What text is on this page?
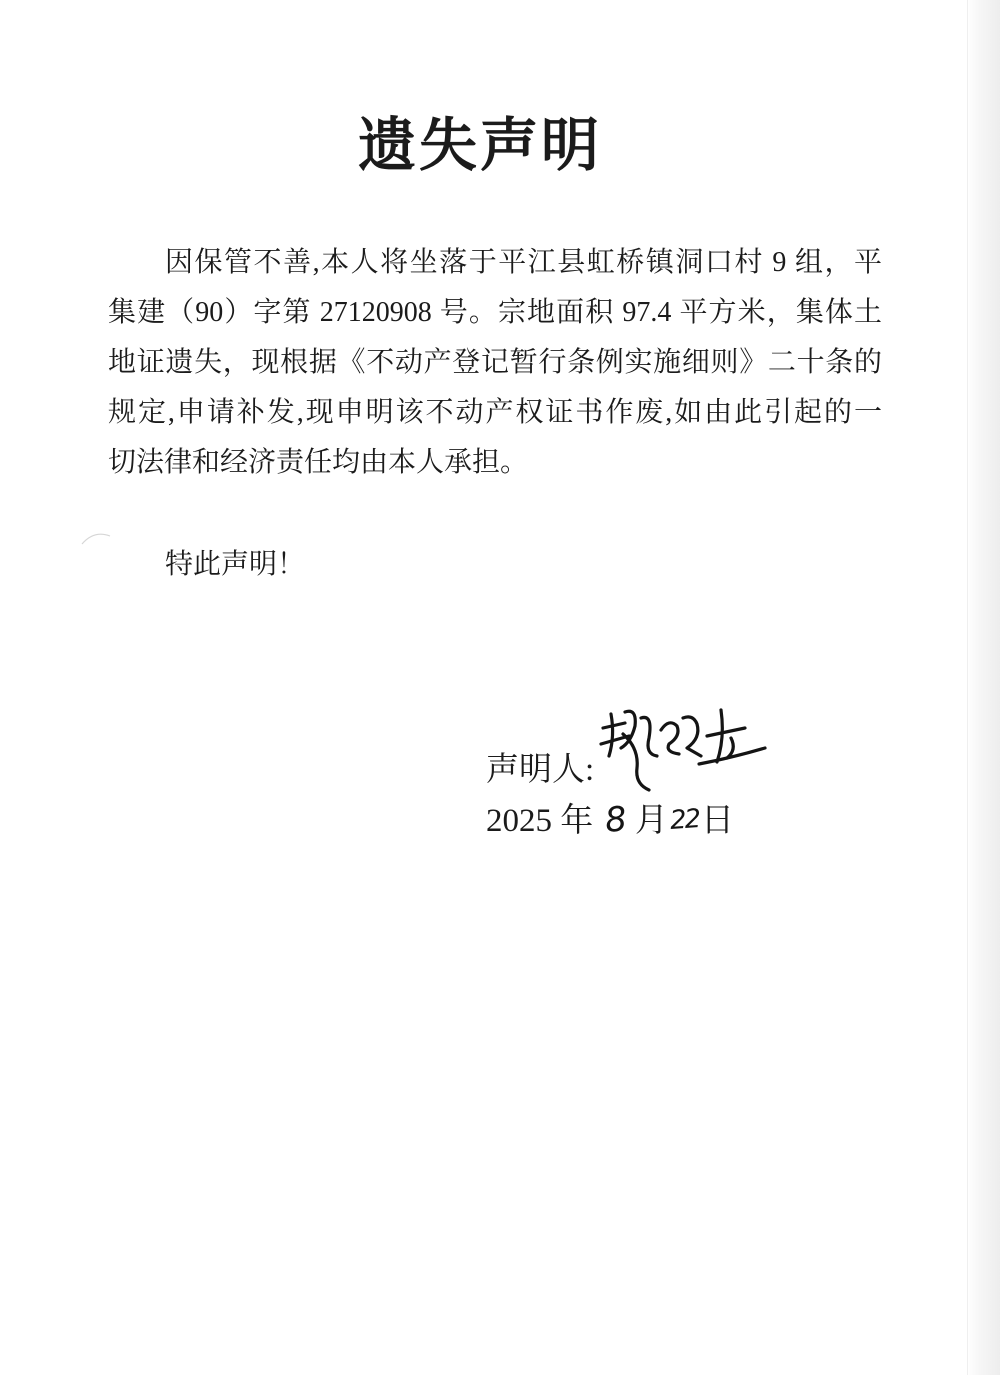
遗失声明
因保管不善,本人将坐落于平江县虹桥镇洞口村 9 组，平
集建（90）字第 27120908 号。宗地面积 97.4 平方米，集体土
地证遗失，现根据《不动产登记暂行条例实施细则》二十条的
规定,申请补发,现申明该不动产权证书作废,如由此引起的一
切法律和经济责任均由本人承担。
特此声明！
声明人:
2025 年 8 月22日
